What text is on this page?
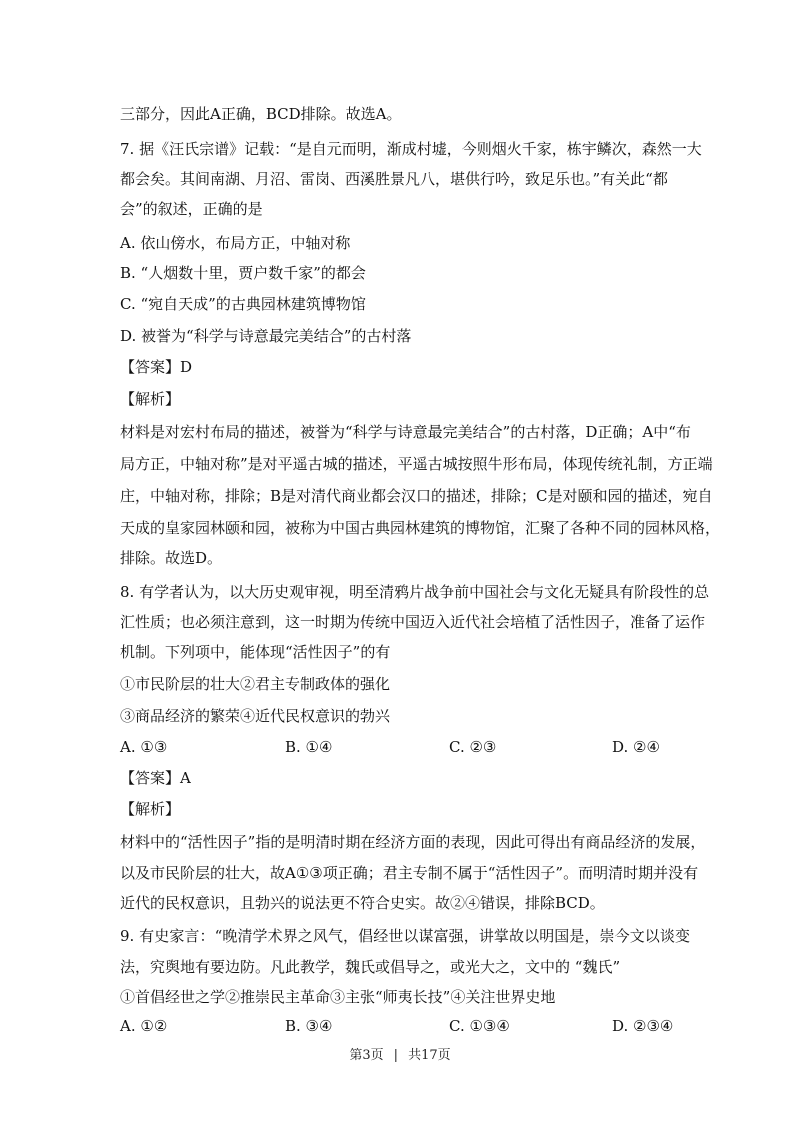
三部分，因此A正确，BCD排除。故选A。
7. 据《汪氏宗谱》记载：“是自元而明，渐成村墟，今则烟火千家，栋宇鳞次，森然一大
都会矣。其间南湖、月沼、雷岗、西溪胜景凡八，堪供行吟，致足乐也。”有关此“都
会”的叙述，正确的是
A. 依山傍水，布局方正，中轴对称
B. “人烟数十里，贾户数千家”的都会
C. “宛自天成”的古典园林建筑博物馆
D. 被誉为“科学与诗意最完美结合”的古村落
【答案】D
【解析】
材料是对宏村布局的描述，被誉为“科学与诗意最完美结合”的古村落，D正确；A中“布
局方正，中轴对称”是对平遥古城的描述，平遥古城按照牛形布局，体现传统礼制，方正端
庄，中轴对称，排除；B是对清代商业都会汉口的描述，排除；C是对颐和园的描述，宛自
天成的皇家园林颐和园，被称为中国古典园林建筑的博物馆，汇聚了各种不同的园林风格，
排除。故选D。
8. 有学者认为，以大历史观审视，明至清鸦片战争前中国社会与文化无疑具有阶段性的总
汇性质；也必须注意到，这一时期为传统中国迈入近代社会培植了活性因子，准备了运作
机制。下列项中，能体现“活性因子”的有
①市民阶层的壮大②君主专制政体的强化
③商品经济的繁荣④近代民权意识的勃兴
A. ①③	B. ①④	C. ②③	D. ②④
【答案】A
【解析】
材料中的“活性因子”指的是明清时期在经济方面的表现，因此可得出有商品经济的发展，
以及市民阶层的壮大，故A①③项正确；君主专制不属于“活性因子”。而明清时期并没有
近代的民权意识，且勃兴的说法更不符合史实。故②④错误，排除BCD。
9. 有史家言：“晚清学术界之风气，倡经世以谋富强，讲掌故以明国是，崇今文以谈变
法，究舆地有要边防。凡此教学，魏氏或倡导之，或光大之，文中的 “魏氏”
①首倡经世之学②推崇民主革命③主张“师夷长技”④关注世界史地
A. ①②	B. ③④	C. ①③④	D. ②③④
第3页 | 共17页
